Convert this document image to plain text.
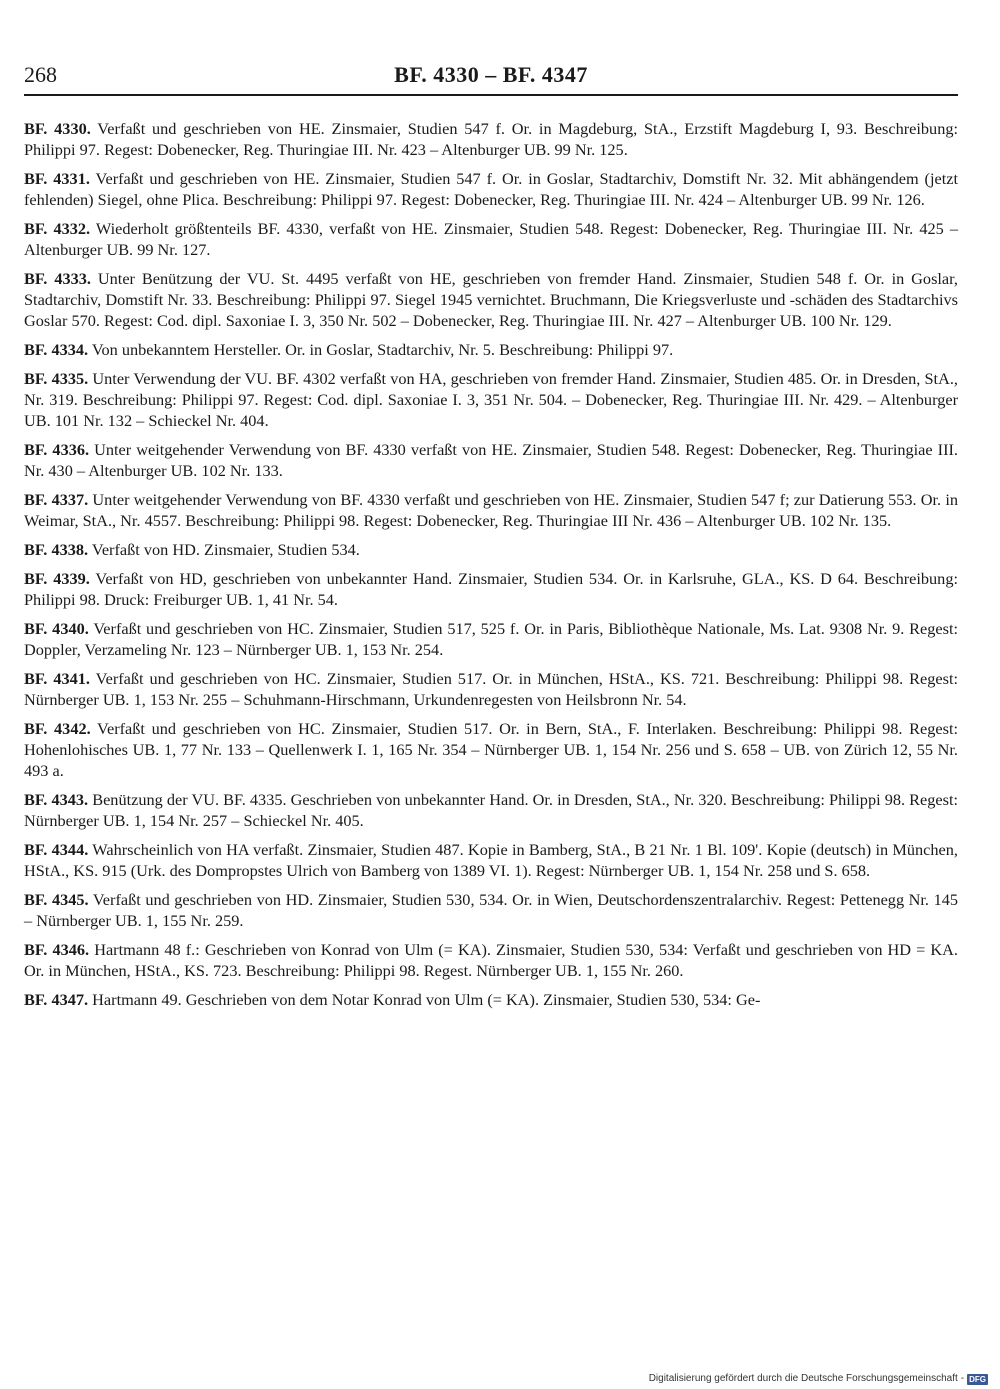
268	BF. 4330 – BF. 4347

BF. 4330. Verfaßt und geschrieben von HE. Zinsmaier, Studien 547 f. Or. in Magdeburg, StA., Erzstift Magdeburg I, 93. Beschreibung: Philippi 97. Regest: Dobenecker, Reg. Thuringiae III. Nr. 423 – Altenburger UB. 99 Nr. 125.

BF. 4331. Verfaßt und geschrieben von HE. Zinsmaier, Studien 547 f. Or. in Goslar, Stadtarchiv, Domstift Nr. 32. Mit abhängendem (jetzt fehlenden) Siegel, ohne Plica. Beschreibung: Philippi 97. Regest: Dobenecker, Reg. Thuringiae III. Nr. 424 – Altenburger UB. 99 Nr. 126.

BF. 4332. Wiederholt größtenteils BF. 4330, verfaßt von HE. Zinsmaier, Studien 548. Regest: Dobenecker, Reg. Thuringiae III. Nr. 425 – Altenburger UB. 99 Nr. 127.

BF. 4333. Unter Benützung der VU. St. 4495 verfaßt von HE, geschrieben von fremder Hand. Zinsmaier, Studien 548 f. Or. in Goslar, Stadtarchiv, Domstift Nr. 33. Beschreibung: Philippi 97. Siegel 1945 vernichtet. Bruchmann, Die Kriegsverluste und -schäden des Stadtarchivs Goslar 570. Regest: Cod. dipl. Saxoniae I. 3, 350 Nr. 502 – Dobenecker, Reg. Thuringiae III. Nr. 427 – Altenburger UB. 100 Nr. 129.

BF. 4334. Von unbekanntem Hersteller. Or. in Goslar, Stadtarchiv, Nr. 5. Beschreibung: Philippi 97.

BF. 4335. Unter Verwendung der VU. BF. 4302 verfaßt von HA, geschrieben von fremder Hand. Zinsmaier, Studien 485. Or. in Dresden, StA., Nr. 319. Beschreibung: Philippi 97. Regest: Cod. dipl. Saxoniae I. 3, 351 Nr. 504. – Dobenecker, Reg. Thuringiae III. Nr. 429. – Altenburger UB. 101 Nr. 132 – Schieckel Nr. 404.

BF. 4336. Unter weitgehender Verwendung von BF. 4330 verfaßt von HE. Zinsmaier, Studien 548. Regest: Dobenecker, Reg. Thuringiae III. Nr. 430 – Altenburger UB. 102 Nr. 133.

BF. 4337. Unter weitgehender Verwendung von BF. 4330 verfaßt und geschrieben von HE. Zinsmaier, Studien 547 f; zur Datierung 553. Or. in Weimar, StA., Nr. 4557. Beschreibung: Philippi 98. Regest: Dobenecker, Reg. Thuringiae III Nr. 436 – Altenburger UB. 102 Nr. 135.

BF. 4338. Verfaßt von HD. Zinsmaier, Studien 534.

BF. 4339. Verfaßt von HD, geschrieben von unbekannter Hand. Zinsmaier, Studien 534. Or. in Karlsruhe, GLA., KS. D 64. Beschreibung: Philippi 98. Druck: Freiburger UB. 1, 41 Nr. 54.

BF. 4340. Verfaßt und geschrieben von HC. Zinsmaier, Studien 517, 525 f. Or. in Paris, Bibliothèque Nationale, Ms. Lat. 9308 Nr. 9. Regest: Doppler, Verzameling Nr. 123 – Nürnberger UB. 1, 153 Nr. 254.

BF. 4341. Verfaßt und geschrieben von HC. Zinsmaier, Studien 517. Or. in München, HStA., KS. 721. Beschreibung: Philippi 98. Regest: Nürnberger UB. 1, 153 Nr. 255 – Schuhmann-Hirschmann, Urkundenregesten von Heilsbronn Nr. 54.

BF. 4342. Verfaßt und geschrieben von HC. Zinsmaier, Studien 517. Or. in Bern, StA., F. Interlaken. Beschreibung: Philippi 98. Regest: Hohenlohisches UB. 1, 77 Nr. 133 – Quellenwerk I. 1, 165 Nr. 354 – Nürnberger UB. 1, 154 Nr. 256 und S. 658 – UB. von Zürich 12, 55 Nr. 493 a.

BF. 4343. Benützung der VU. BF. 4335. Geschrieben von unbekannter Hand. Or. in Dresden, StA., Nr. 320. Beschreibung: Philippi 98. Regest: Nürnberger UB. 1, 154 Nr. 257 – Schieckel Nr. 405.

BF. 4344. Wahrscheinlich von HA verfaßt. Zinsmaier, Studien 487. Kopie in Bamberg, StA., B 21 Nr. 1 Bl. 109'. Kopie (deutsch) in München, HStA., KS. 915 (Urk. des Dompropstes Ulrich von Bamberg von 1389 VI. 1). Regest: Nürnberger UB. 1, 154 Nr. 258 und S. 658.

BF. 4345. Verfaßt und geschrieben von HD. Zinsmaier, Studien 530, 534. Or. in Wien, Deutschordenszentralarchiv. Regest: Pettenegg Nr. 145 – Nürnberger UB. 1, 155 Nr. 259.

BF. 4346. Hartmann 48 f.: Geschrieben von Konrad von Ulm (= KA). Zinsmaier, Studien 530, 534: Verfaßt und geschrieben von HD = KA. Or. in München, HStA., KS. 723. Beschreibung: Philippi 98. Regest. Nürnberger UB. 1, 155 Nr. 260.

BF. 4347. Hartmann 49. Geschrieben von dem Notar Konrad von Ulm (= KA). Zinsmaier, Studien 530, 534: Ge-

Digitalisierung gefördert durch die Deutsche Forschungsgemeinschaft - DFG
